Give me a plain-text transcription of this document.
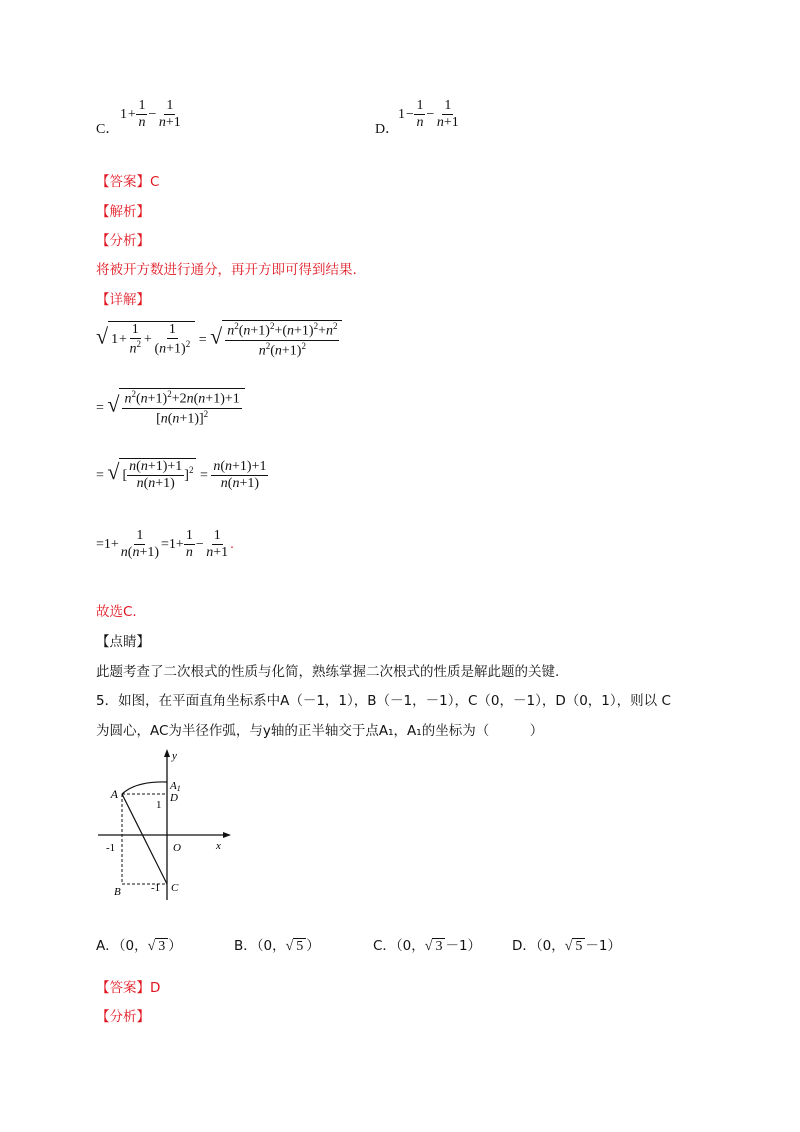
C．
$1+ \frac{1}{n} - \frac{1}{n+1}$	D．
$1- \frac{1}{n} - \frac{1}{n+1}$
【答案】C
【解析】
【分析】
将被开方数进行通分，再开方即可得到结果.
【详解】
√ $1+ \frac{1}{n^2} + \frac{1}{(n+1)^2}$ = √ $\frac{n^2(n+1)^2+(n+1)^2+n^2}{n^2(n+1)^2}$
= √ $\frac{n^2(n+1)^2+2n(n+1)+1}{[n(n+1)]^2}$
= √ [ $\frac{n(n+1)+1}{n(n+1)} ]^2 = \frac{n(n+1)+1}{n(n+1)}$
$=1+ \frac{1}{n(n+1)} =1+ \frac{1}{n} - \frac{1}{n+1}$ .
故选C.
【点睛】
此题考查了二次根式的性质与化简，熟练掌握二次根式的性质是解此题的关键.
5．如图，在平面直角坐标系中A（－1，1），B（－1，－1），C（0，－1），D（0，1），则以 C
为圆心，AC为半径作弧，与y轴的正半轴交于点A₁，A₁的坐标为（　　　）
A
A1
D
1
-1	O	x
y
B	-1 C
A．（0，√ 3 ）	B．（0，√ 5 ）	C．（0，√ 3 －1） D．（0，√ 5 －1）
【答案】D
【分析】
